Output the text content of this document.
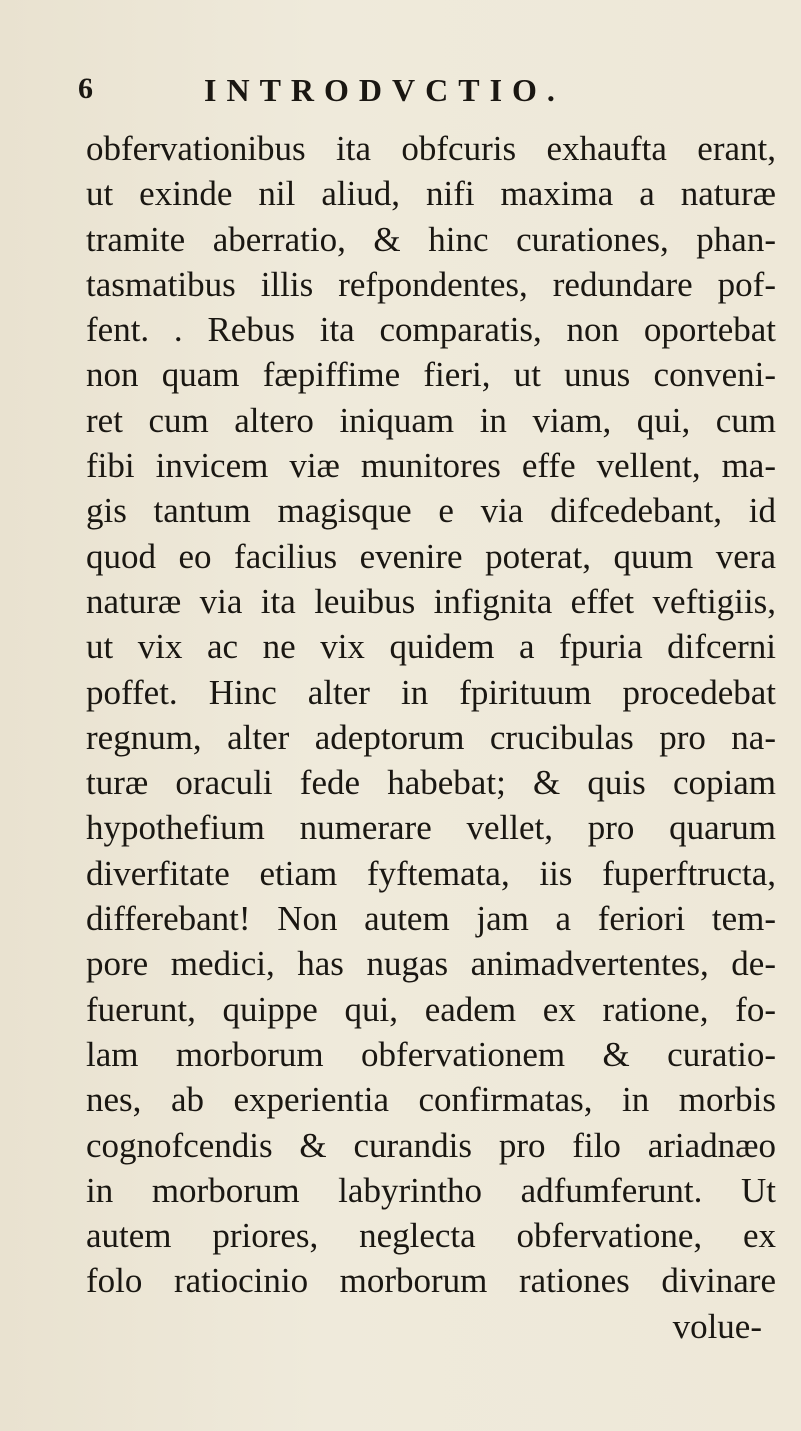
6	INTRODVCTIO.
obfervationibus ita obfcuris exhaufta erant,
ut exinde nil aliud, nifi maxima a naturæ
tramite aberratio, & hinc curationes, phan-
tasmatibus illis refpondentes, redundare pof-
fent. . Rebus ita comparatis, non oportebat
non quam fæpiffime fieri, ut unus conveni-
ret cum altero iniquam in viam, qui, cum
fibi invicem viæ munitores effe vellent, ma-
gis tantum magisque e via difcedebant, id
quod eo facilius evenire poterat, quum vera
naturæ via ita leuibus infignita effet veftigiis,
ut vix ac ne vix quidem a fpuria difcerni
poffet. Hinc alter in fpirituum procedebat
regnum, alter adeptorum crucibulas pro na-
turæ oraculi fede habebat; & quis copiam
hypothefium numerare vellet, pro quarum
diverfitate etiam fyftemata, iis fuperftructa,
differebant! Non autem jam a feriori tem-
pore medici, has nugas animadvertentes, de-
fuerunt, quippe qui, eadem ex ratione, fo-
lam morborum obfervationem & curatio-
nes, ab experientia confirmatas, in morbis
cognofcendis & curandis pro filo ariadnæo
in morborum labyrintho adfumferunt. Ut
autem priores, neglecta obfervatione, ex
folo ratiocinio morborum rationes divinare
volue-
